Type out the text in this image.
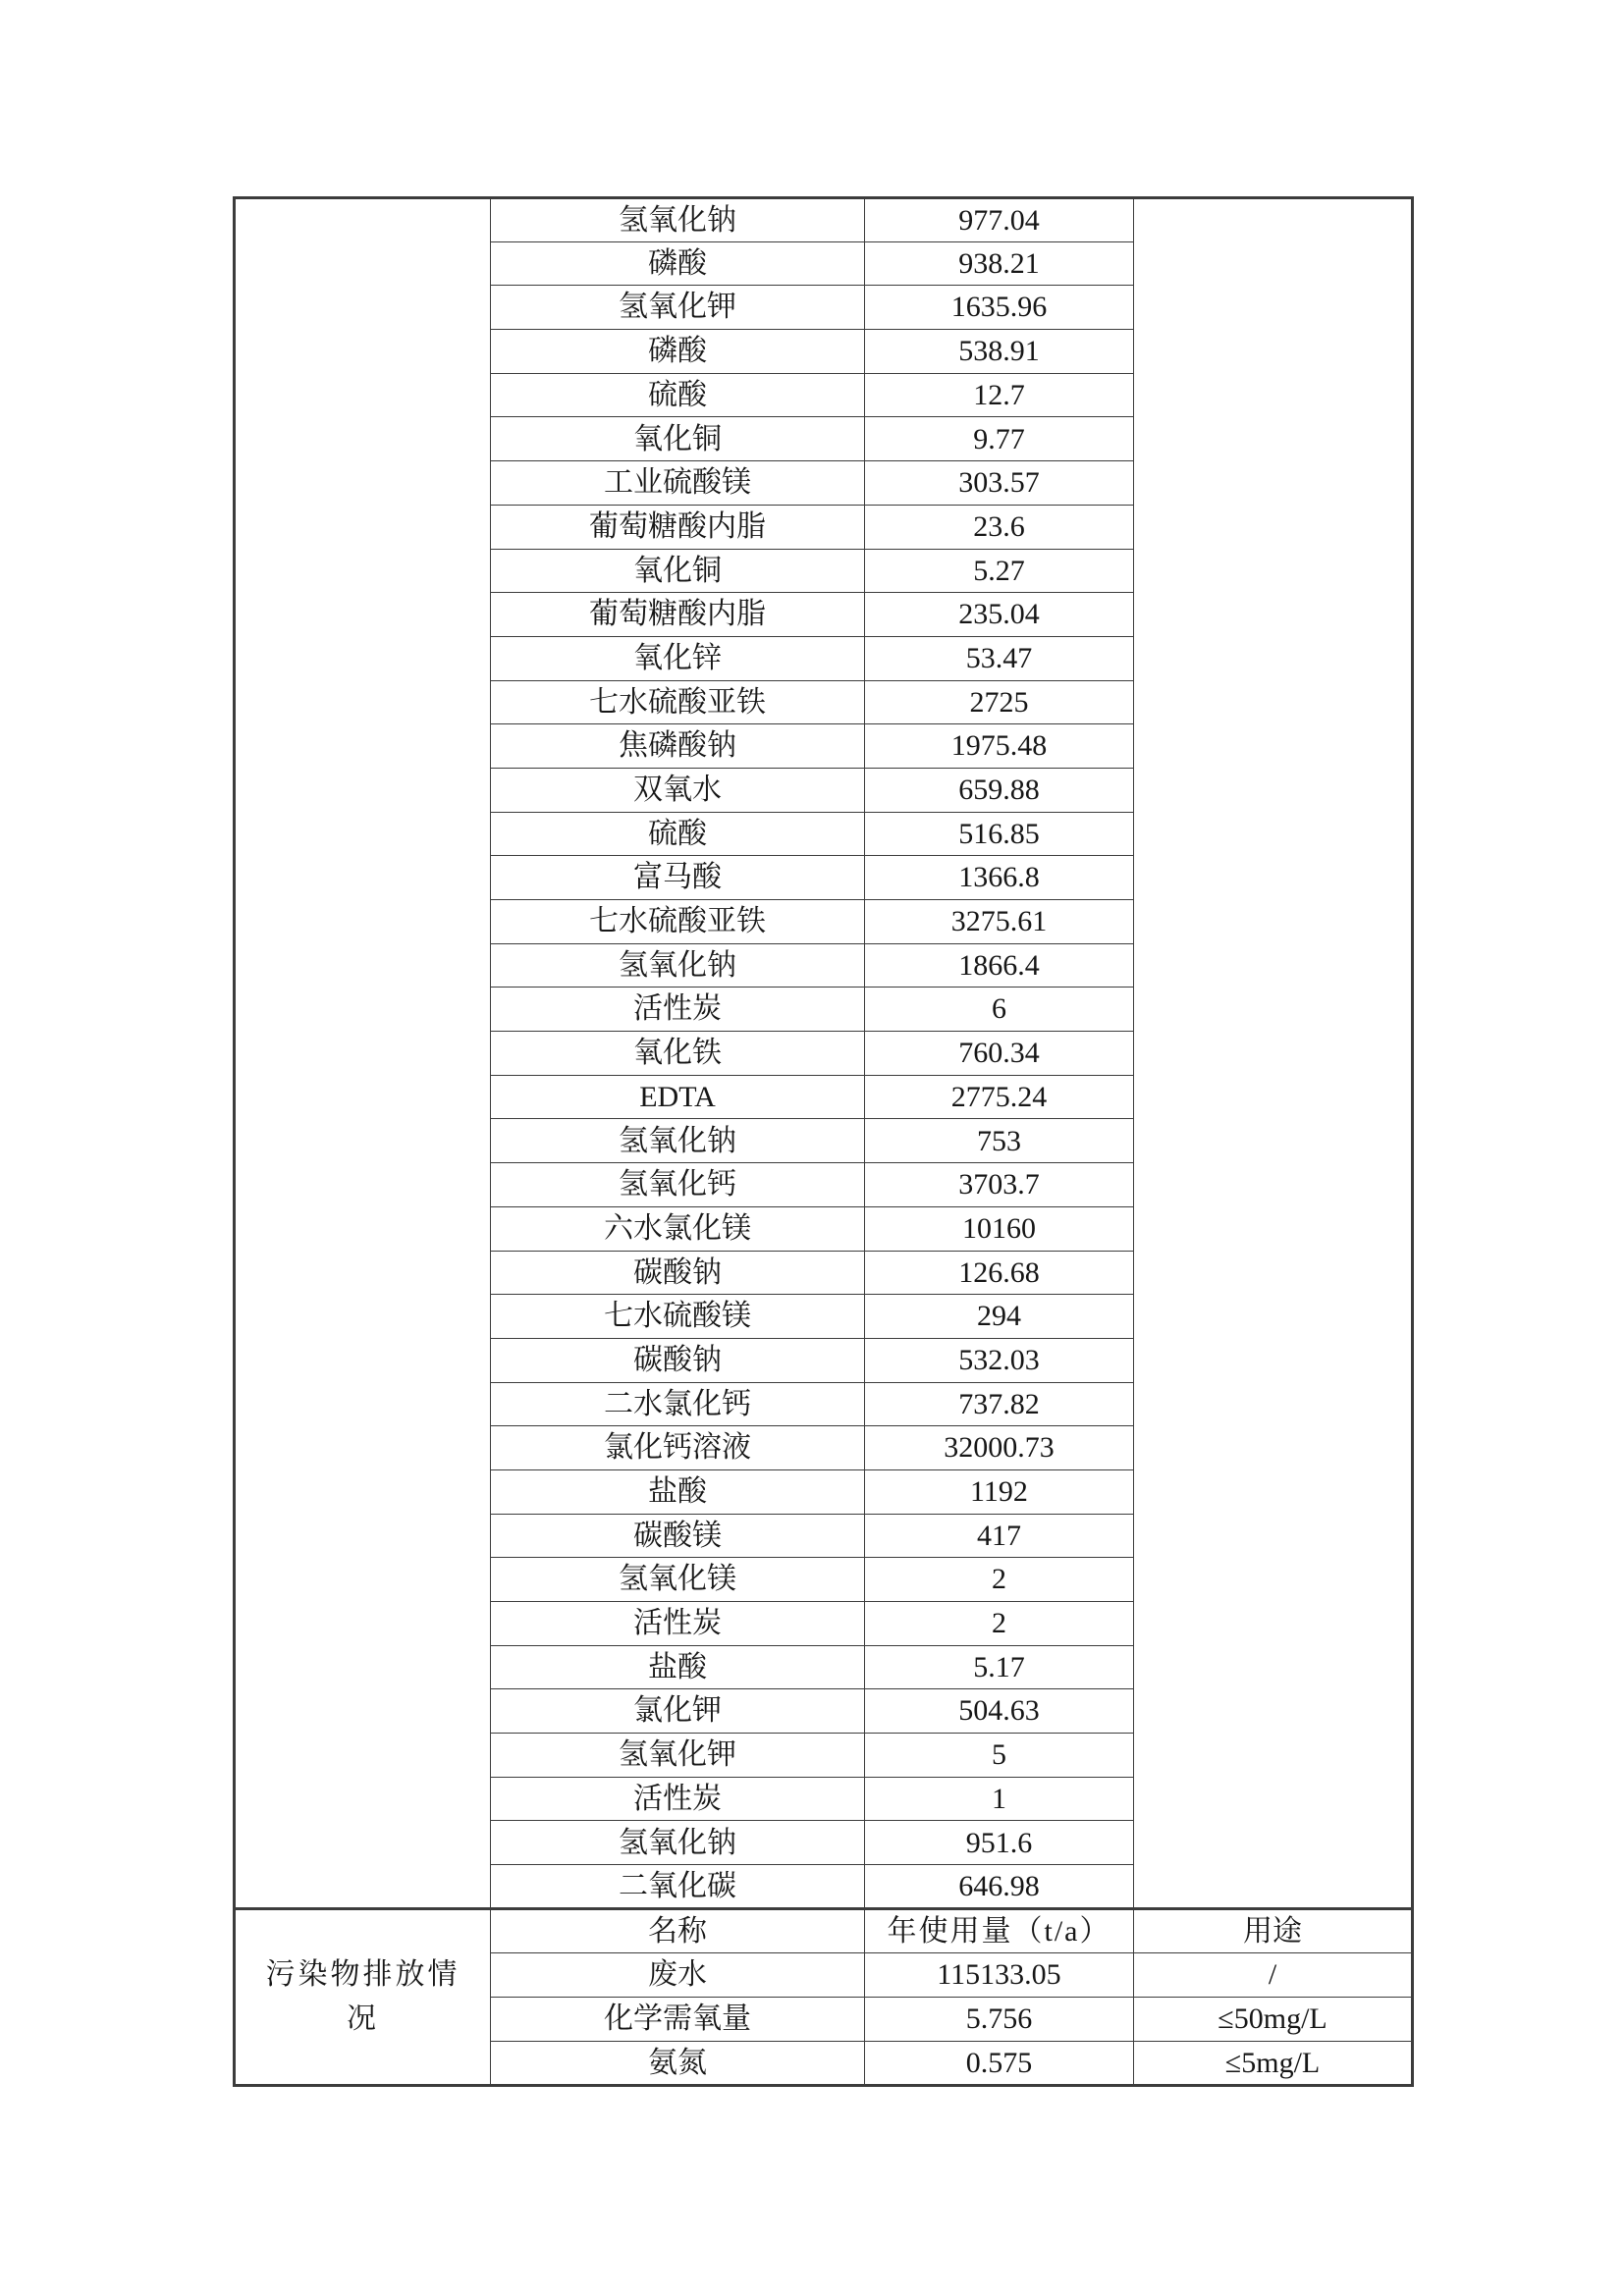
	氢氧化钠	977.04	
	磷酸	938.21	
	氢氧化钾	1635.96	
	磷酸	538.91	
	硫酸	12.7	
	氧化铜	9.77	
	工业硫酸镁	303.57	
	葡萄糖酸内脂	23.6	
	氧化铜	5.27	
	葡萄糖酸内脂	235.04	
	氧化锌	53.47	
	七水硫酸亚铁	2725	
	焦磷酸钠	1975.48	
	双氧水	659.88	
	硫酸	516.85	
	富马酸	1366.8	
	七水硫酸亚铁	3275.61	
	氢氧化钠	1866.4	
	活性炭	6	
	氧化铁	760.34	
	EDTA	2775.24	
	氢氧化钠	753	
	氢氧化钙	3703.7	
	六水氯化镁	10160	
	碳酸钠	126.68	
	七水硫酸镁	294	
	碳酸钠	532.03	
	二水氯化钙	737.82	
	氯化钙溶液	32000.73	
	盐酸	1192	
	碳酸镁	417	
	氢氧化镁	2	
	活性炭	2	
	盐酸	5.17	
	氯化钾	504.63	
	氢氧化钾	5	
	活性炭	1	
	氢氧化钠	951.6	
	二氧化碳	646.98	
污染物排放情况	名称	年使用量（t/a）	用途
	废水	115133.05	/
	化学需氧量	5.756	≤50mg/L
	氨氮	0.575	≤5mg/L
